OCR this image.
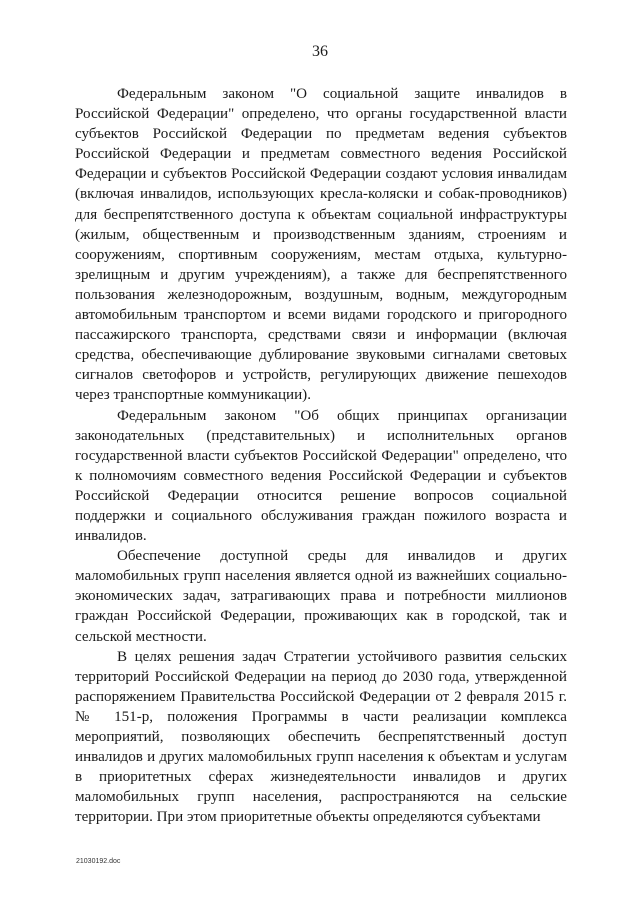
36

Федеральным законом "О социальной защите инвалидов в Российской Федерации" определено, что органы государственной власти субъектов Российской Федерации по предметам ведения субъектов Российской Федерации и предметам совместного ведения Российской Федерации и субъектов Российской Федерации создают условия инвалидам (включая инвалидов, использующих кресла-коляски и собак-проводников) для беспрепятственного доступа к объектам социальной инфраструктуры (жилым, общественным и производственным зданиям, строениям и сооружениям, спортивным сооружениям, местам отдыха, культурно-зрелищным и другим учреждениям), а также для беспрепятственного пользования железнодорожным, воздушным, водным, междугородным автомобильным транспортом и всеми видами городского и пригородного пассажирского транспорта, средствами связи и информации (включая средства, обеспечивающие дублирование звуковыми сигналами световых сигналов светофоров и устройств, регулирующих движение пешеходов через транспортные коммуникации).

Федеральным законом "Об общих принципах организации законодательных (представительных) и исполнительных органов государственной власти субъектов Российской Федерации" определено, что к полномочиям совместного ведения Российской Федерации и субъектов Российской Федерации относится решение вопросов социальной поддержки и социального обслуживания граждан пожилого возраста и инвалидов.

Обеспечение доступной среды для инвалидов и других маломобильных групп населения является одной из важнейших социально-экономических задач, затрагивающих права и потребности миллионов граждан Российской Федерации, проживающих как в городской, так и сельской местности.

В целях решения задач Стратегии устойчивого развития сельских территорий Российской Федерации на период до 2030 года, утвержденной распоряжением Правительства Российской Федерации от 2 февраля 2015 г. № 151-р, положения Программы в части реализации комплекса мероприятий, позволяющих обеспечить беспрепятственный доступ инвалидов и других маломобильных групп населения к объектам и услугам в приоритетных сферах жизнедеятельности инвалидов и других маломобильных групп населения, распространяются на сельские территории. При этом приоритетные объекты определяются субъектами

21030192.doc
